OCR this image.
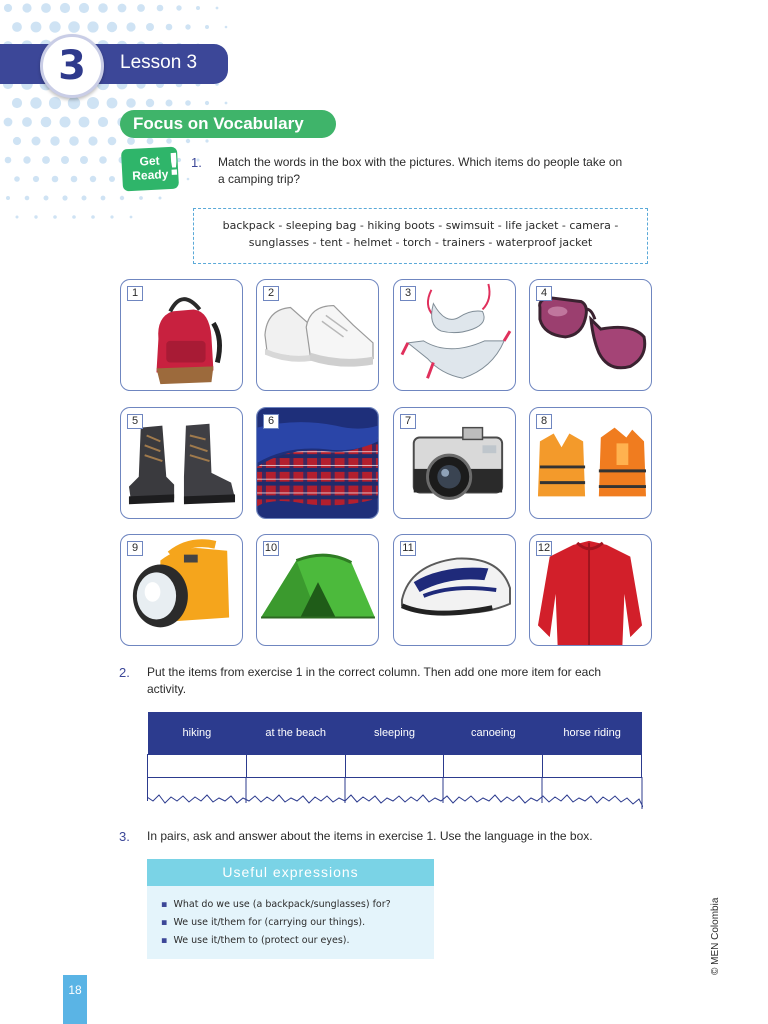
3 Lesson 3
Focus on Vocabulary
Get
Ready
! 1. Match the words in the box with the pictures. Which items do people take on
a camping trip?
backpack - sleeping bag - hiking boots - swimsuit - life jacket - camera -
sunglasses - tent - helmet - torch - trainers - waterproof jacket
1	2	3	4
5	6	7	8
9	10	11	12
2. Put the items from exercise 1 in the correct column. Then add one more item for each
activity.
hiking	at the beach	sleeping	canoeing	horse riding

3. In pairs, ask and answer about the items in exercise 1. Use the language in the box.
Useful expressions
▪ What do we use (a backpack/sunglasses) for?
▪ We use it/them for (carrying our things).
▪ We use it/them to (protect our eyes).	© MEN Colombia
18
